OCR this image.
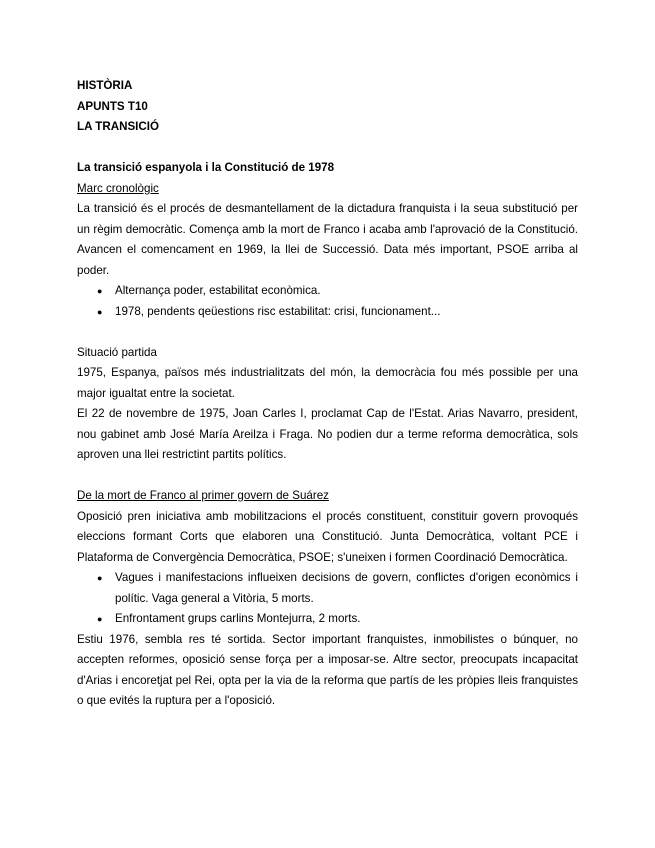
HISTÒRIA

APUNTS T10

LA TRANSICIÓ

La transició espanyola i la Constitució de 1978

Marc cronològic

La transició és el procés de desmantellament de la dictadura franquista i la seua substitució per un règim democràtic. Comença amb la mort de Franco i acaba amb l'aprovació de la Constitució. Avancen el comencament en 1969, la llei de Successió. Data més important, PSOE arriba al poder.

● Alternança poder, estabilitat econòmica.
● 1978, pendents qeüestions risc estabilitat: crisi, funcionament...

Situació partida

1975, Espanya, països més industrialitzats del món, la democràcia fou més possible per una major igualtat entre la societat.

El 22 de novembre de 1975, Joan Carles I, proclamat Cap de l'Estat. Arias Navarro, president, nou gabinet amb José María Areilza i Fraga. No podien dur a terme reforma democràtica, sols aproven una llei restrictint partits polítics.

De la mort de Franco al primer govern de Suárez

Oposició pren iniciativa amb mobilitzacions el procés constituent, constituir govern provoqués eleccions formant Corts que elaboren una Constitució. Junta Democràtica, voltant PCE i Plataforma de Convergència Democràtica, PSOE; s'uneixen i formen Coordinació Democràtica.

● Vagues i manifestacions influeixen decisions de govern, conflictes d'origen econòmics i polític. Vaga general a Vitòria, 5 morts.
● Enfrontament grups carlins Montejurra, 2 morts.

Estiu 1976, sembla res té sortida. Sector important franquistes, inmobilistes o búnquer, no accepten reformes, oposició sense força per a imposar-se. Altre sector, preocupats incapacitat d'Arias i encoretjat pel Rei, opta per la via de la reforma que partís de les pròpies lleis franquistes o que evités la ruptura per a l'oposició.
